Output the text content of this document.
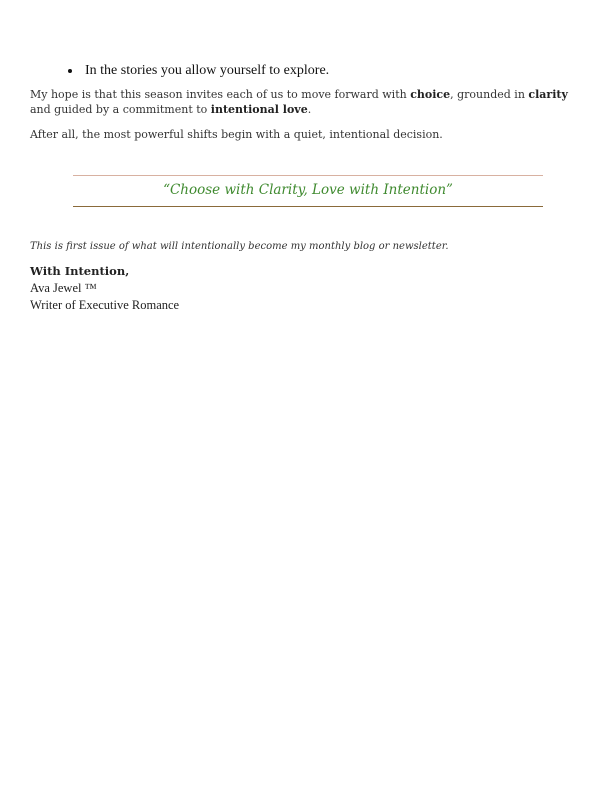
In the stories you allow yourself to explore.

My hope is that this season invites each of us to move forward with choice, grounded in clarity and guided by a commitment to intentional love.

After all, the most powerful shifts begin with a quiet, intentional decision.

“Choose with Clarity, Love with Intention”

This is first issue of what will intentionally become my monthly blog or newsletter.

With Intention,

Ava Jewel ™

Writer of Executive Romance
